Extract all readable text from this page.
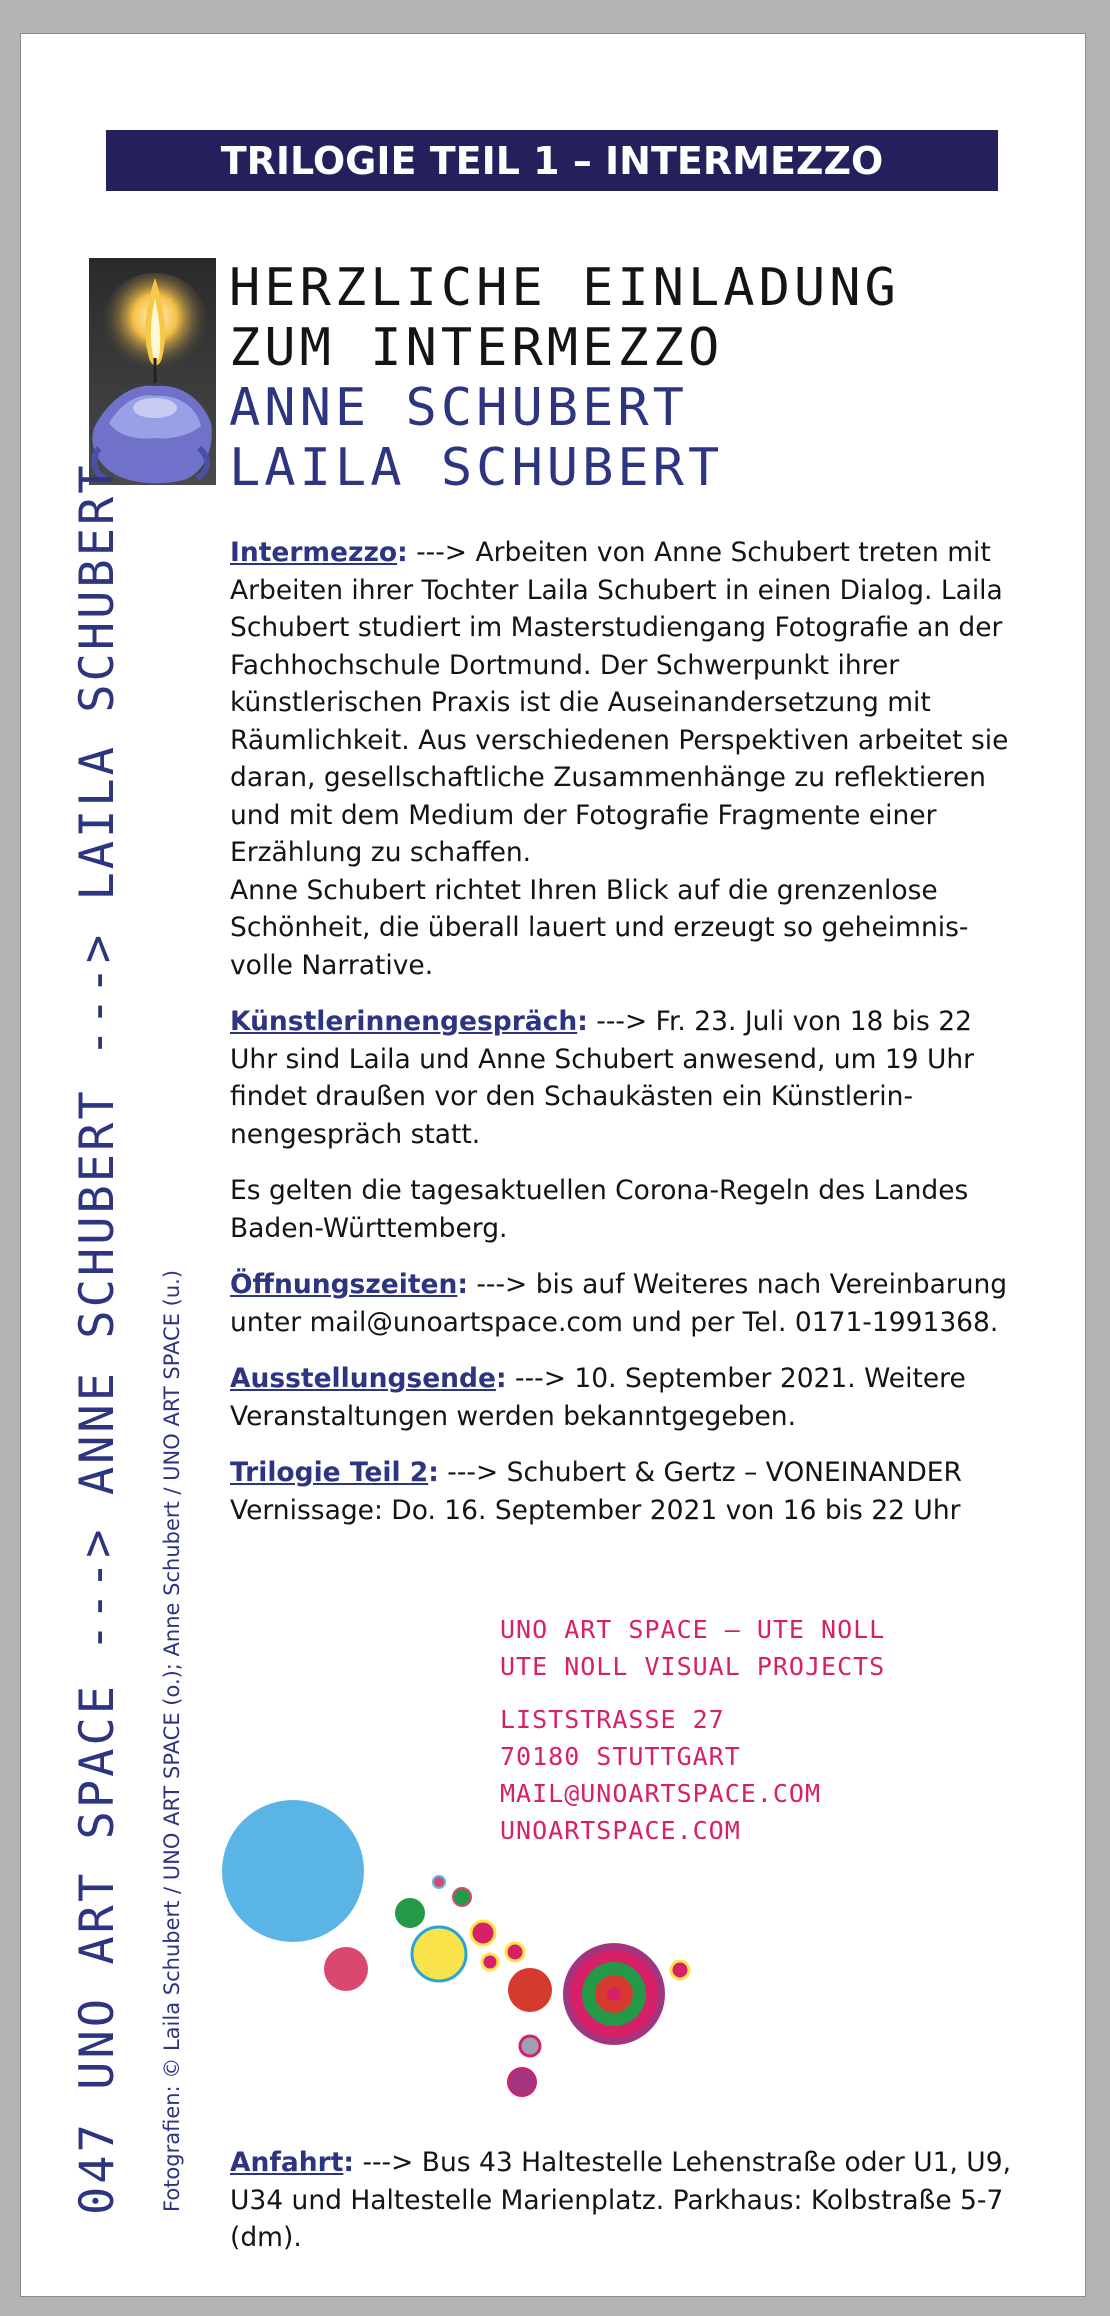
TRILOGIE TEIL 1 – INTERMEZZO
HERZLICHE EINLADUNG
ZUM INTERMEZZO
ANNE SCHUBERT
LAILA SCHUBERT

Intermezzo: ---> Arbeiten von Anne Schubert treten mit Arbeiten ihrer Tochter Laila Schubert in einen Dialog. Laila Schubert studiert im Masterstudiengang Fotografie an der Fachhochschule Dortmund. Der Schwerpunkt ihrer künstlerischen Praxis ist die Auseinandersetzung mit Räumlichkeit. Aus verschiedenen Perspektiven arbeitet sie daran, gesellschaftliche Zusammenhänge zu reflektieren und mit dem Medium der Fotografie Fragmente einer Erzählung zu schaffen.
Anne Schubert richtet Ihren Blick auf die grenzenlose Schönheit, die überall lauert und erzeugt so geheimnis-volle Narrative.

Künstlerinnengespräch: ---> Fr. 23. Juli von 18 bis 22 Uhr sind Laila und Anne Schubert anwesend, um 19 Uhr findet draußen vor den Schaukästen ein Künstlerin-nengespräch statt.

Es gelten die tagesaktuellen Corona-Regeln des Landes Baden-Württemberg.

Öffnungszeiten: ---> bis auf Weiteres nach Vereinbarung unter mail@unoartspace.com und per Tel. 0171-1991368.

Ausstellungsende: ---> 10. September 2021. Weitere Veranstaltungen werden bekanntgegeben.

Trilogie Teil 2: ---> Schubert & Gertz – VONEINANDER Vernissage: Do. 16. September 2021 von 16 bis 22 Uhr

UNO ART SPACE – UTE NOLL
UTE NOLL VISUAL PROJECTS

LISTSTRASSE 27
70180 STUTTGART
MAIL@UNOARTSPACE.COM
UNOARTSPACE.COM

Anfahrt: ---> Bus 43 Haltestelle Lehenstraße oder U1, U9, U34 und Haltestelle Marienplatz. Parkhaus: Kolbstraße 5-7 (dm).
047 UNO ART SPACE ---> ANNE SCHUBERT ---> LAILA SCHUBERT Fotografien: © Laila Schubert / UNO ART SPACE (o.); Anne Schubert / UNO ART SPACE (u.)
